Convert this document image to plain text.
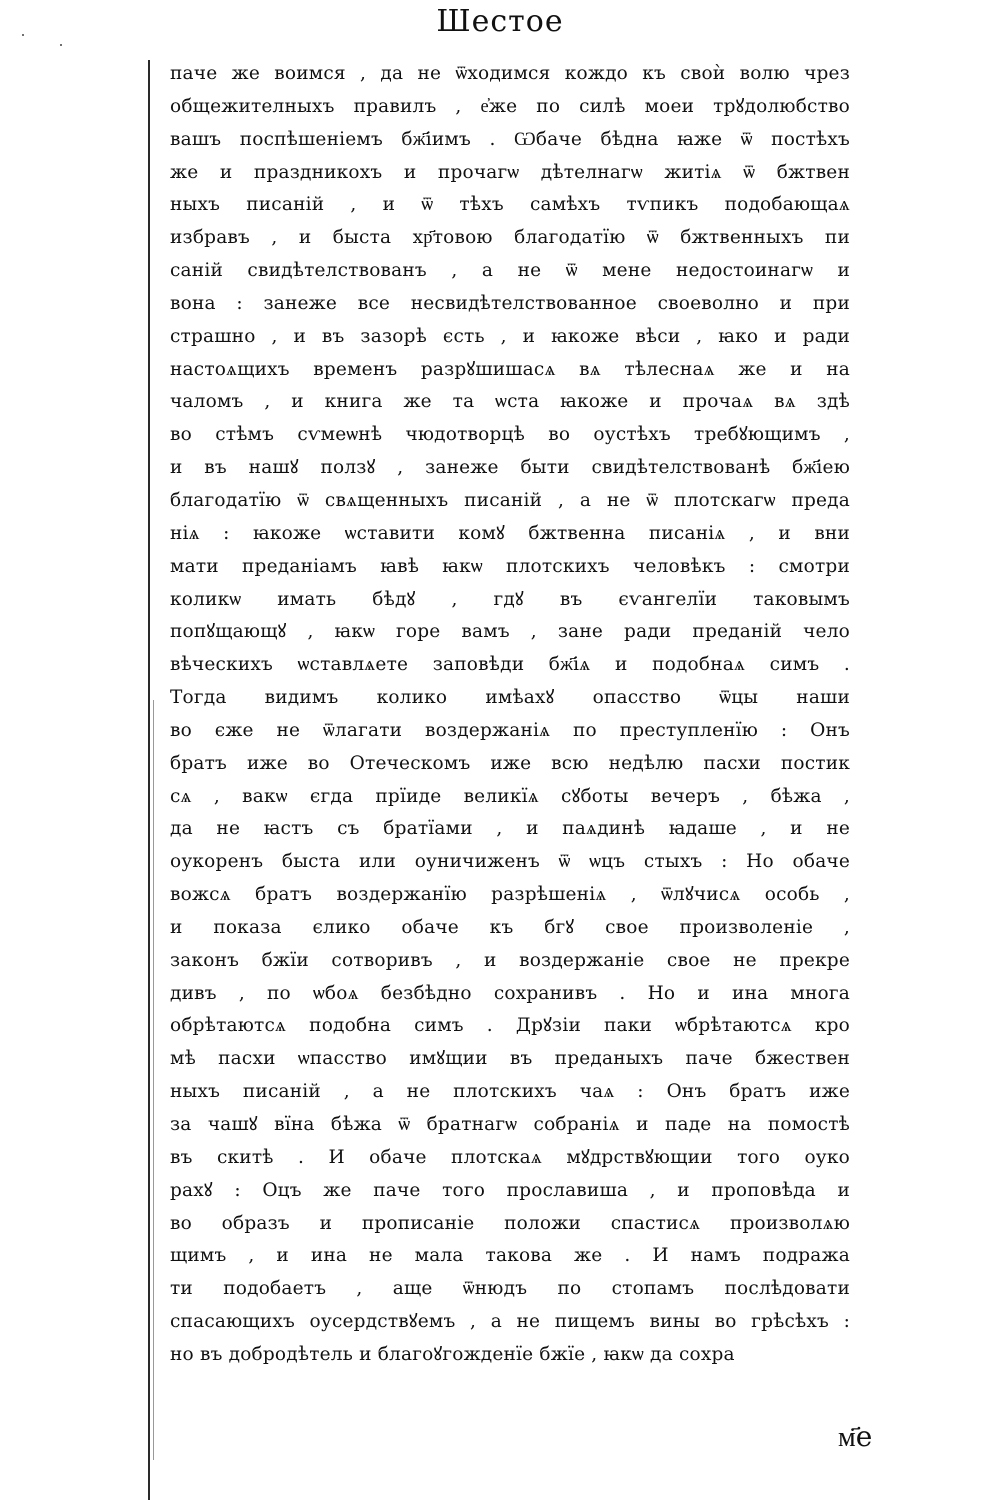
Шестое
паче же воимся , да не ѿходимся кождо къ своѝ волю чрез
общежителныхъ правилъ , е҆же по силѣ моеи трꙋдолюбство
вашъ поспѣшеніемъ бж҃іимъ . Ѡбаче бѣдна ꙗже ѿ постѣхъ
же и праздникохъ и прочагѡ дѣтелнагѡ житіѧ ѿ бжтвен
ныхъ писаній , и ѿ тѣхъ самѣхъ тѵпикъ подобающаѧ
избравъ , и быста хр҃товою благодатїю ѿ бжтвенныхъ пи
саній свидѣтелствованъ , а не ѿ мене недостоинагѡ и
вона : занеже все несвидѣтелствованное своеволно и при
страшно , и въ зазорѣ єсть , и ꙗкоже вѣси , ꙗко и ради
настоѧщихъ временъ разрꙋшишасѧ вѧ тѣлеснаѧ же и на
чаломъ , и книга же та ѡста ꙗкоже и прочаѧ вѧ здѣ
во стѣмъ сѵмеѡнѣ чюдотворцѣ во оустѣхъ требꙋющимъ ,
и въ нашꙋ ползꙋ , занеже быти свидѣтелствованѣ бж҃іею
благодатїю ѿ свѧщенныхъ писаній , а не ѿ плотскагѡ преда
ніѧ : ꙗкоже ѡставити комꙋ бжтвенна писаніѧ , и вни
мати преданіамъ ꙗвѣ ꙗкѡ плотскихъ человѣкъ : смотри
коликѡ имать бѣдꙋ , гдꙋ въ єѵангелїи таковымъ
попꙋщающꙋ , ꙗкѡ горе вамъ , зане ради преданій чело
вѣческихъ ѡставлѧете заповѣди бж҃іѧ и подобнаѧ симъ .
Тогда видимъ колико имѣахꙋ опасство ѿцы наши
во єже не ѿлагати воздержаніѧ по преступленїю : Онъ
братъ иже во Отеческомъ иже всю недѣлю пасхи постик
сѧ , вакѡ єгда прїиде великїѧ сꙋботы вечеръ , бѣжа ,
да не ꙗстъ съ братїами , и паѧдинѣ ꙗдаше , и не
оукоренъ быста или оуничиженъ ѿ ѡцъ стыхъ : Но обаче
вожсѧ братъ воздержанїю разрѣшеніѧ , ѿлꙋчисѧ особь ,
и показа єлико обаче къ бгꙋ свое произволеніе ,
законъ бжїи сотворивъ , и воздержаніе свое не прекре
дивъ , по ѡбоѧ безбѣдно сохранивъ . Но и ина многа
обрѣтаютсѧ подобна симъ . Дрꙋзіи паки ѡбрѣтаютсѧ кро
мѣ пасхи ѡпасство имꙋщии въ преданыхъ паче бжествен
ныхъ писаній , а не плотскихъ чаѧ : Онъ братъ иже
за чашꙋ вїна бѣжа ѿ братнагѡ собраніѧ и паде на помостѣ
въ скитѣ . И обаче плотскаѧ мꙋдрствꙋющии того оуко
рахꙋ : Оцъ же паче того прославиша , и проповѣда и
во образъ и прописаніе положи спастисѧ произволѧю
щимъ , и ина не мала такова же . И намъ подража
ти подобаетъ , аще ѿнюдъ по стопамъ послѣдовати
спасающихъ оусердствꙋемъ , а не пищемъ вины во грѣсѣхъ :
но въ добродѣтель и благоꙋгожденїе бжїе , ꙗкѡ да сохра
м҃е
